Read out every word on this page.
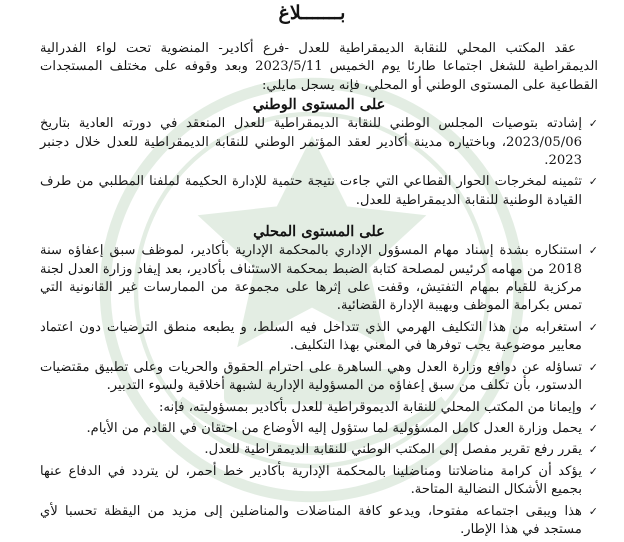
بـــــــلاغ

عقد المكتب المحلي للنقابة الديمقراطية للعدل -فرع أكادير- المنضوية تحت لواء الفدرالية الديمقراطية للشغل اجتماعا طارئا يوم الخميس 2023/5/11 وبعد وقوفه على مختلف المستجدات القطاعية على المستوى الوطني أو المحلي، فإنه يسجل مايلي:

على المستوى الوطني
✓
إشادته بتوصيات المجلس الوطني للنقابة الديمقراطية للعدل المنعقد في دورته العادية بتاريخ 2023/05/06، وباختياره مدينة أكادير لعقد المؤتمر الوطني للنقابة الديمقراطية للعدل خلال دجنبر 2023.
✓
تثمينه لمخرجات الحوار القطاعي التي جاءت نتيجة حتمية للإدارة الحكيمة لملفنا المطلبي من طرف القيادة الوطنية للنقابة الديمقراطية للعدل.
على المستوى المحلي
✓
استنكاره بشدة إسناد مهام المسؤول الإداري بالمحكمة الإدارية بأكادير، لموظف سبق إعفاؤه سنة 2018 من مهامه كرئيس لمصلحة كتابة الضبط بمحكمة الاستئناف بأكادير، بعد إيفاد وزارة العدل لجنة مركزية للقيام بمهام التفتيش، وقفت على إثرها على مجموعة من الممارسات غير القانونية التي تمس بكرامة الموظف وبهيبة الإدارة القضائية.
✓
استغرابه من هذا التكليف الهرمي الذي تتداخل فيه السلط، و يطبعه منطق الترضيات دون اعتماد معايير موضوعية يجب توفرها في المعني بهذا التكليف.
✓
تساؤله عن دوافع وزارة العدل وهي الساهرة على احترام الحقوق والحريات وعلى تطبيق مقتضيات الدستور، بأن تكلف من سبق إعفاؤه من المسؤولية الإدارية لشبهة أخلاقية ولسوء التدبير.
✓
وإيمانا من المكتب المحلي للنقابة الديموقراطية للعدل بأكادير بمسؤوليته، فإنه:
✓
يحمل وزارة العدل كامل المسؤولية لما ستؤول إليه الأوضاع من احتقان في القادم من الأيام.
✓
يقرر رفع تقرير مفصل إلى المكتب الوطني للنقابة الديمقراطية للعدل.
✓
يؤكد أن كرامة مناضلاتنا ومناضلينا بالمحكمة الإدارية بأكادير خط أحمر، لن يتردد في الدفاع عنها بجميع الأشكال النضالية المتاحة.
✓
هذا ويبقى اجتماعه مفتوحا، ويدعو كافة المناضلات والمناضلين إلى مزيد من اليقظة تحسبا لأي مستجد في هذا الإطار.
